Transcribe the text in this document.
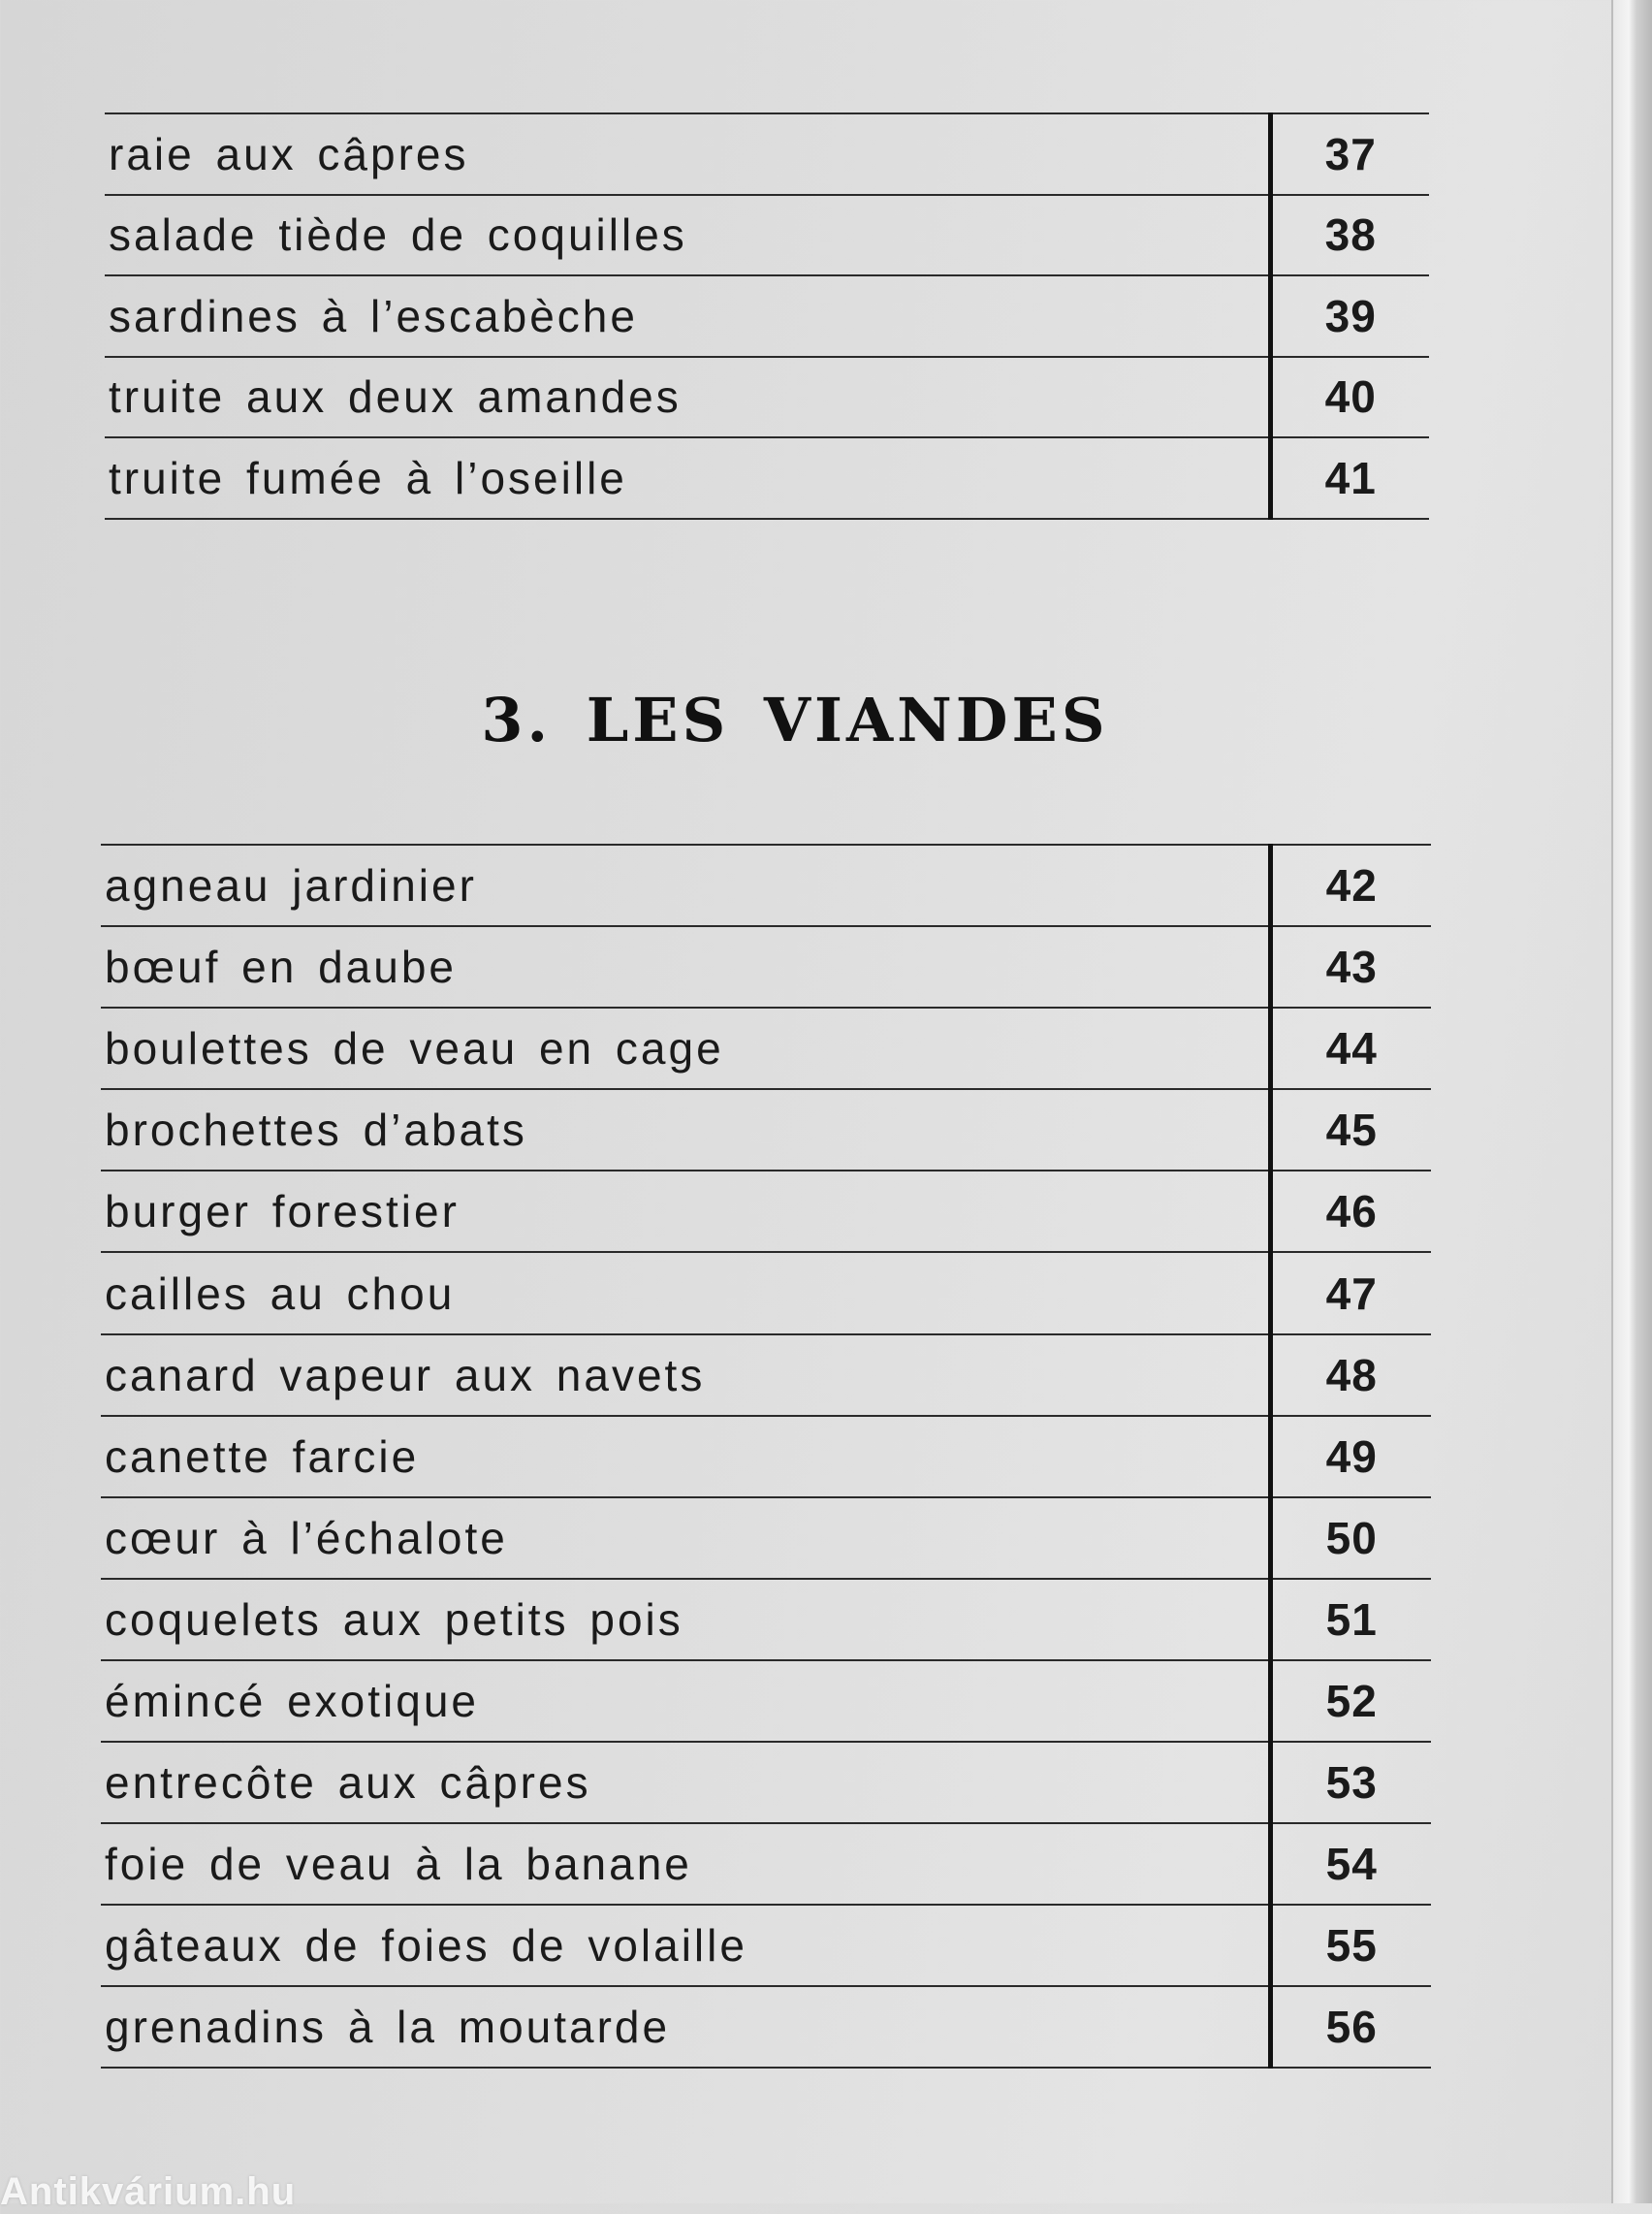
raie aux câpres	37
salade tiède de coquilles	38
sardines à l’escabèche	39
truite aux deux amandes	40
truite fumée à l’oseille	41
3. LES VIANDES
agneau jardinier	42
bœuf en daube	43
boulettes de veau en cage	44
brochettes d’abats	45
burger forestier	46
cailles au chou	47
canard vapeur aux navets	48
canette farcie	49
cœur à l’échalote	50
coquelets aux petits pois	51
émincé exotique	52
entrecôte aux câpres	53
foie de veau à la banane	54
gâteaux de foies de volaille	55
grenadins à la moutarde	56
Antikvárium.hu
